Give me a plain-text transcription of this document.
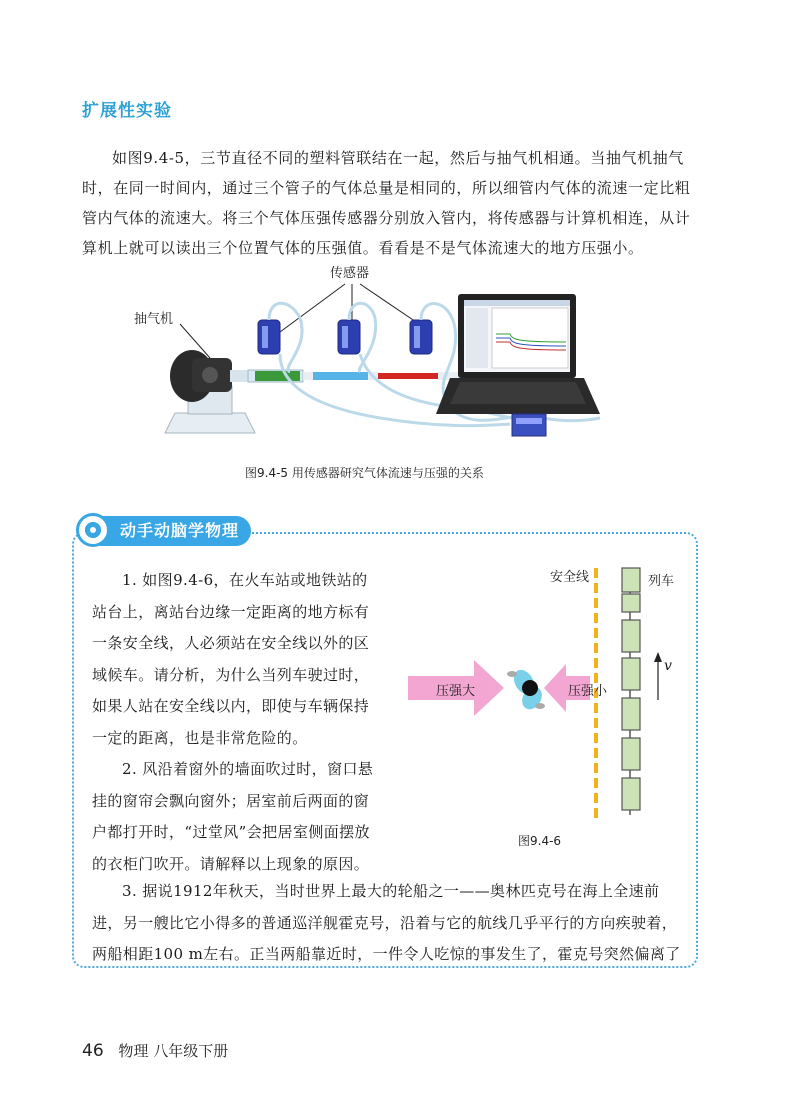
扩展性实验

如图9.4-5，三节直径不同的塑料管联结在一起，然后与抽气机相通。当抽气机抽气时，在同一时间内，通过三个管子的气体总量是相同的，所以细管内气体的流速一定比粗管内气体的流速大。将三个气体压强传感器分别放入管内，将传感器与计算机相连，从计算机上就可以读出三个位置气体的压强值。看看是不是气体流速大的地方压强小。

传感器
抽气机
图9.4-5 用传感器研究气体流速与压强的关系
动手动脑学物理

1. 如图9.4-6，在火车站或地铁站的站台上，离站台边缘一定距离的地方标有一条安全线，人必须站在安全线以外的区域候车。请分析，为什么当列车驶过时，如果人站在安全线以内，即使与车辆保持一定的距离，也是非常危险的。

2. 风沿着窗外的墙面吹过时，窗口悬挂的窗帘会飘向窗外；居室前后两面的窗户都打开时，“过堂风”会把居室侧面摆放的衣柜门吹开。请解释以上现象的原因。

安全线	列车
压强大	压强小
v
图9.4-6

3. 据说1912年秋天，当时世界上最大的轮船之一——奥林匹克号在海上全速前进，另一艘比它小得多的普通巡洋舰霍克号，沿着与它的航线几乎平行的方向疾驶着，两船相距100 m左右。正当两船靠近时，一件令人吃惊的事发生了，霍克号突然偏离了

46 物理 八年级下册
